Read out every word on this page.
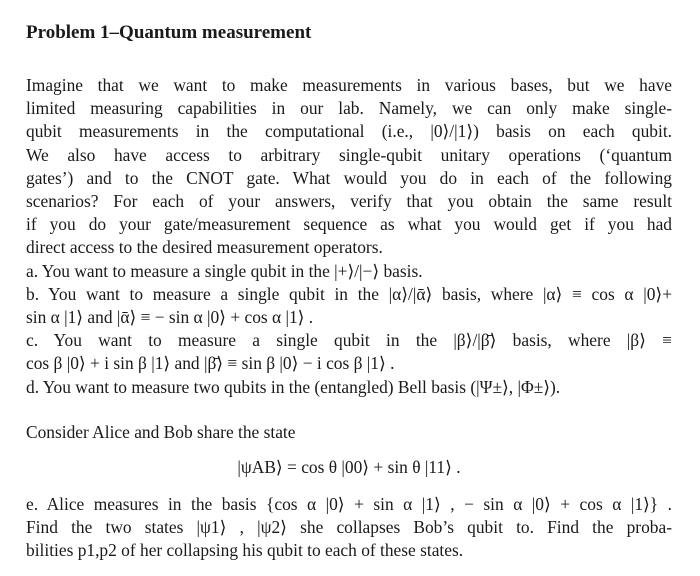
Problem 1–Quantum measurement
Imagine that we want to make measurements in various bases, but we have
limited measuring capabilities in our lab. Namely, we can only make single-
qubit measurements in the computational (i.e., |0⟩/|1⟩) basis on each qubit.
We also have access to arbitrary single-qubit unitary operations (‘quantum
gates’) and to the CNOT gate. What would you do in each of the following
scenarios? For each of your answers, verify that you obtain the same result
if you do your gate/measurement sequence as what you would get if you had
direct access to the desired measurement operators.
a. You want to measure a single qubit in the |+⟩/|−⟩ basis.
b. You want to measure a single qubit in the |α⟩/|ᾱ⟩ basis, where |α⟩ ≡ cos α |0⟩+
sin α |1⟩ and |ᾱ⟩ ≡ − sin α |0⟩ + cos α |1⟩ .
c. You want to measure a single qubit in the |β⟩/|β̄⟩ basis, where |β⟩ ≡
cos β |0⟩ + i sin β |1⟩ and |β̄⟩ ≡ sin β |0⟩ − i cos β |1⟩ .
d. You want to measure two qubits in the (entangled) Bell basis (|Ψ±⟩, |Φ±⟩).
Consider Alice and Bob share the state
|ψAB⟩ = cos θ |00⟩ + sin θ |11⟩ .
e. Alice measures in the basis {cos α |0⟩ + sin α |1⟩ , − sin α |0⟩ + cos α |1⟩} .
Find the two states |ψ1⟩ , |ψ2⟩ she collapses Bob’s qubit to. Find the proba-
bilities p1,p2 of her collapsing his qubit to each of these states.
